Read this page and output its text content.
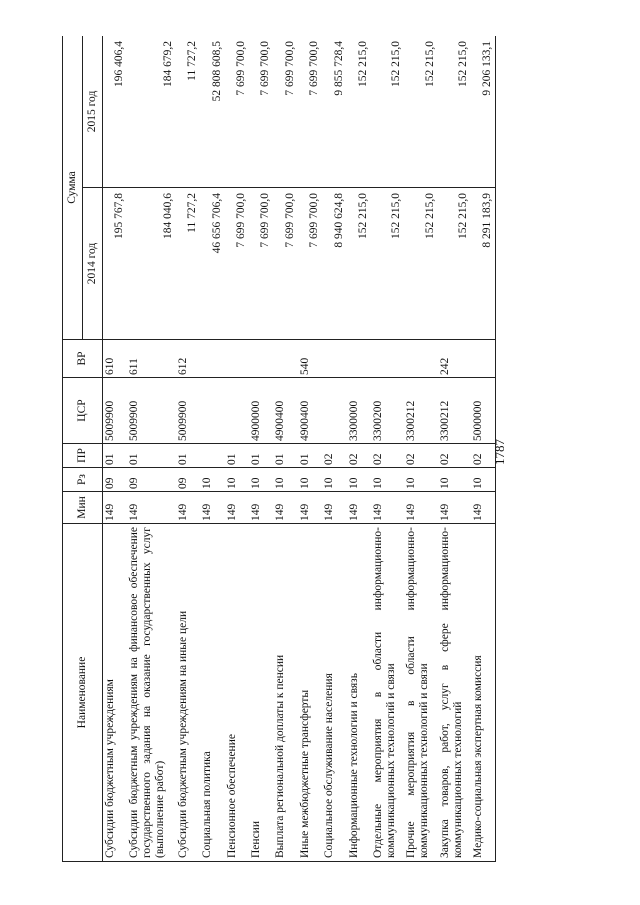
1787
Наименование	Мин	Рз	ПР	ЦСР	ВР	Сумма	
						2014 год	2015 год
Субсидии бюджетным учреждениям	149	09	01	5009900	610	195 767,8	196 406,4
Субсидии бюджетным учреждениям на финансовое обеспечение государственного задания на оказание государственных услуг (выполнение работ)	149	09	01	5009900	611	184 040,6	184 679,2
Субсидии бюджетным учреждениям на иные цели	149	09	01	5009900	612	11 727,2	11 727,2
Социальная политика	149	10				46 656 706,4	52 808 608,5
Пенсионное обеспечение	149	10	01			7 699 700,0	7 699 700,0
Пенсии	149	10	01	4900000		7 699 700,0	7 699 700,0
Выплата региональной доплаты к пенсии	149	10	01	4900400		7 699 700,0	7 699 700,0
Иные межбюджетные трансферты	149	10	01	4900400	540	7 699 700,0	7 699 700,0
Социальное обслуживание населения	149	10	02			8 940 624,8	9 855 728,4
Информационные технологии и связь	149	10	02	3300000		152 215,0	152 215,0
Отдельные мероприятия в области информационно-коммуникационных технологий и связи	149	10	02	3300200		152 215,0	152 215,0
Прочие мероприятия в области информационно-коммуникационных технологий и связи	149	10	02	3300212		152 215,0	152 215,0
Закупка товаров, работ, услуг в сфере информационно-коммуникационных технологий	149	10	02	3300212	242	152 215,0	152 215,0
Медико-социальная экспертная комиссия	149	10	02	5000000		8 291 183,9	9 206 133,1
